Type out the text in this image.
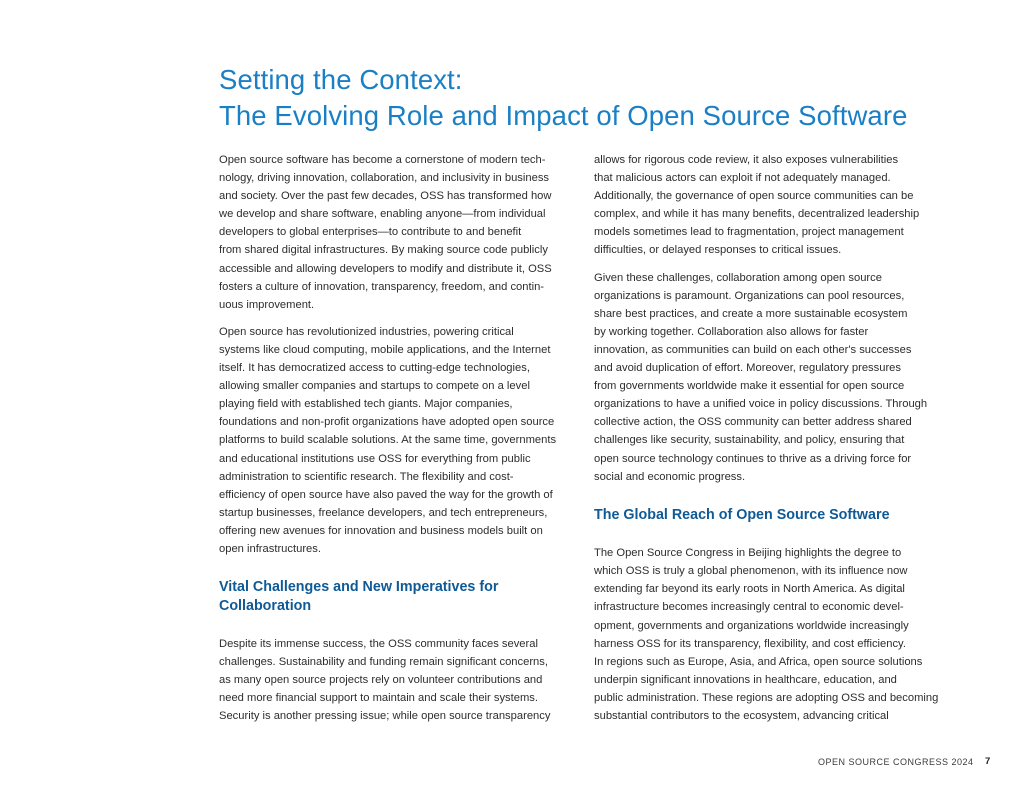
Setting the Context:
The Evolving Role and Impact of Open Source Software
Open source software has become a cornerstone of modern tech-
nology, driving innovation, collaboration, and inclusivity in business
and society. Over the past few decades, OSS has transformed how
we develop and share software, enabling anyone—from individual
developers to global enterprises—to contribute to and benefit
from shared digital infrastructures. By making source code publicly
accessible and allowing developers to modify and distribute it, OSS
fosters a culture of innovation, transparency, freedom, and contin-
uous improvement.
Open source has revolutionized industries, powering critical
systems like cloud computing, mobile applications, and the Internet
itself. It has democratized access to cutting-edge technologies,
allowing smaller companies and startups to compete on a level
playing field with established tech giants. Major companies,
foundations and non-profit organizations have adopted open source
platforms to build scalable solutions. At the same time, governments
and educational institutions use OSS for everything from public
administration to scientific research. The flexibility and cost-
efficiency of open source have also paved the way for the growth of
startup businesses, freelance developers, and tech entrepreneurs,
offering new avenues for innovation and business models built on
open infrastructures.
Vital Challenges and New Imperatives for
Collaboration
Despite its immense success, the OSS community faces several
challenges. Sustainability and funding remain significant concerns,
as many open source projects rely on volunteer contributions and
need more financial support to maintain and scale their systems.
Security is another pressing issue; while open source transparency
allows for rigorous code review, it also exposes vulnerabilities
that malicious actors can exploit if not adequately managed.
Additionally, the governance of open source communities can be
complex, and while it has many benefits, decentralized leadership
models sometimes lead to fragmentation, project management
difficulties, or delayed responses to critical issues.
Given these challenges, collaboration among open source
organizations is paramount. Organizations can pool resources,
share best practices, and create a more sustainable ecosystem
by working together. Collaboration also allows for faster
innovation, as communities can build on each other's successes
and avoid duplication of effort. Moreover, regulatory pressures
from governments worldwide make it essential for open source
organizations to have a unified voice in policy discussions. Through
collective action, the OSS community can better address shared
challenges like security, sustainability, and policy, ensuring that
open source technology continues to thrive as a driving force for
social and economic progress.
The Global Reach of Open Source Software
The Open Source Congress in Beijing highlights the degree to
which OSS is truly a global phenomenon, with its influence now
extending far beyond its early roots in North America. As digital
infrastructure becomes increasingly central to economic devel-
opment, governments and organizations worldwide increasingly
harness OSS for its transparency, flexibility, and cost efficiency.
In regions such as Europe, Asia, and Africa, open source solutions
underpin significant innovations in healthcare, education, and
public administration. These regions are adopting OSS and becoming
substantial contributors to the ecosystem, advancing critical
OPEN SOURCE CONGRESS 2024 7
